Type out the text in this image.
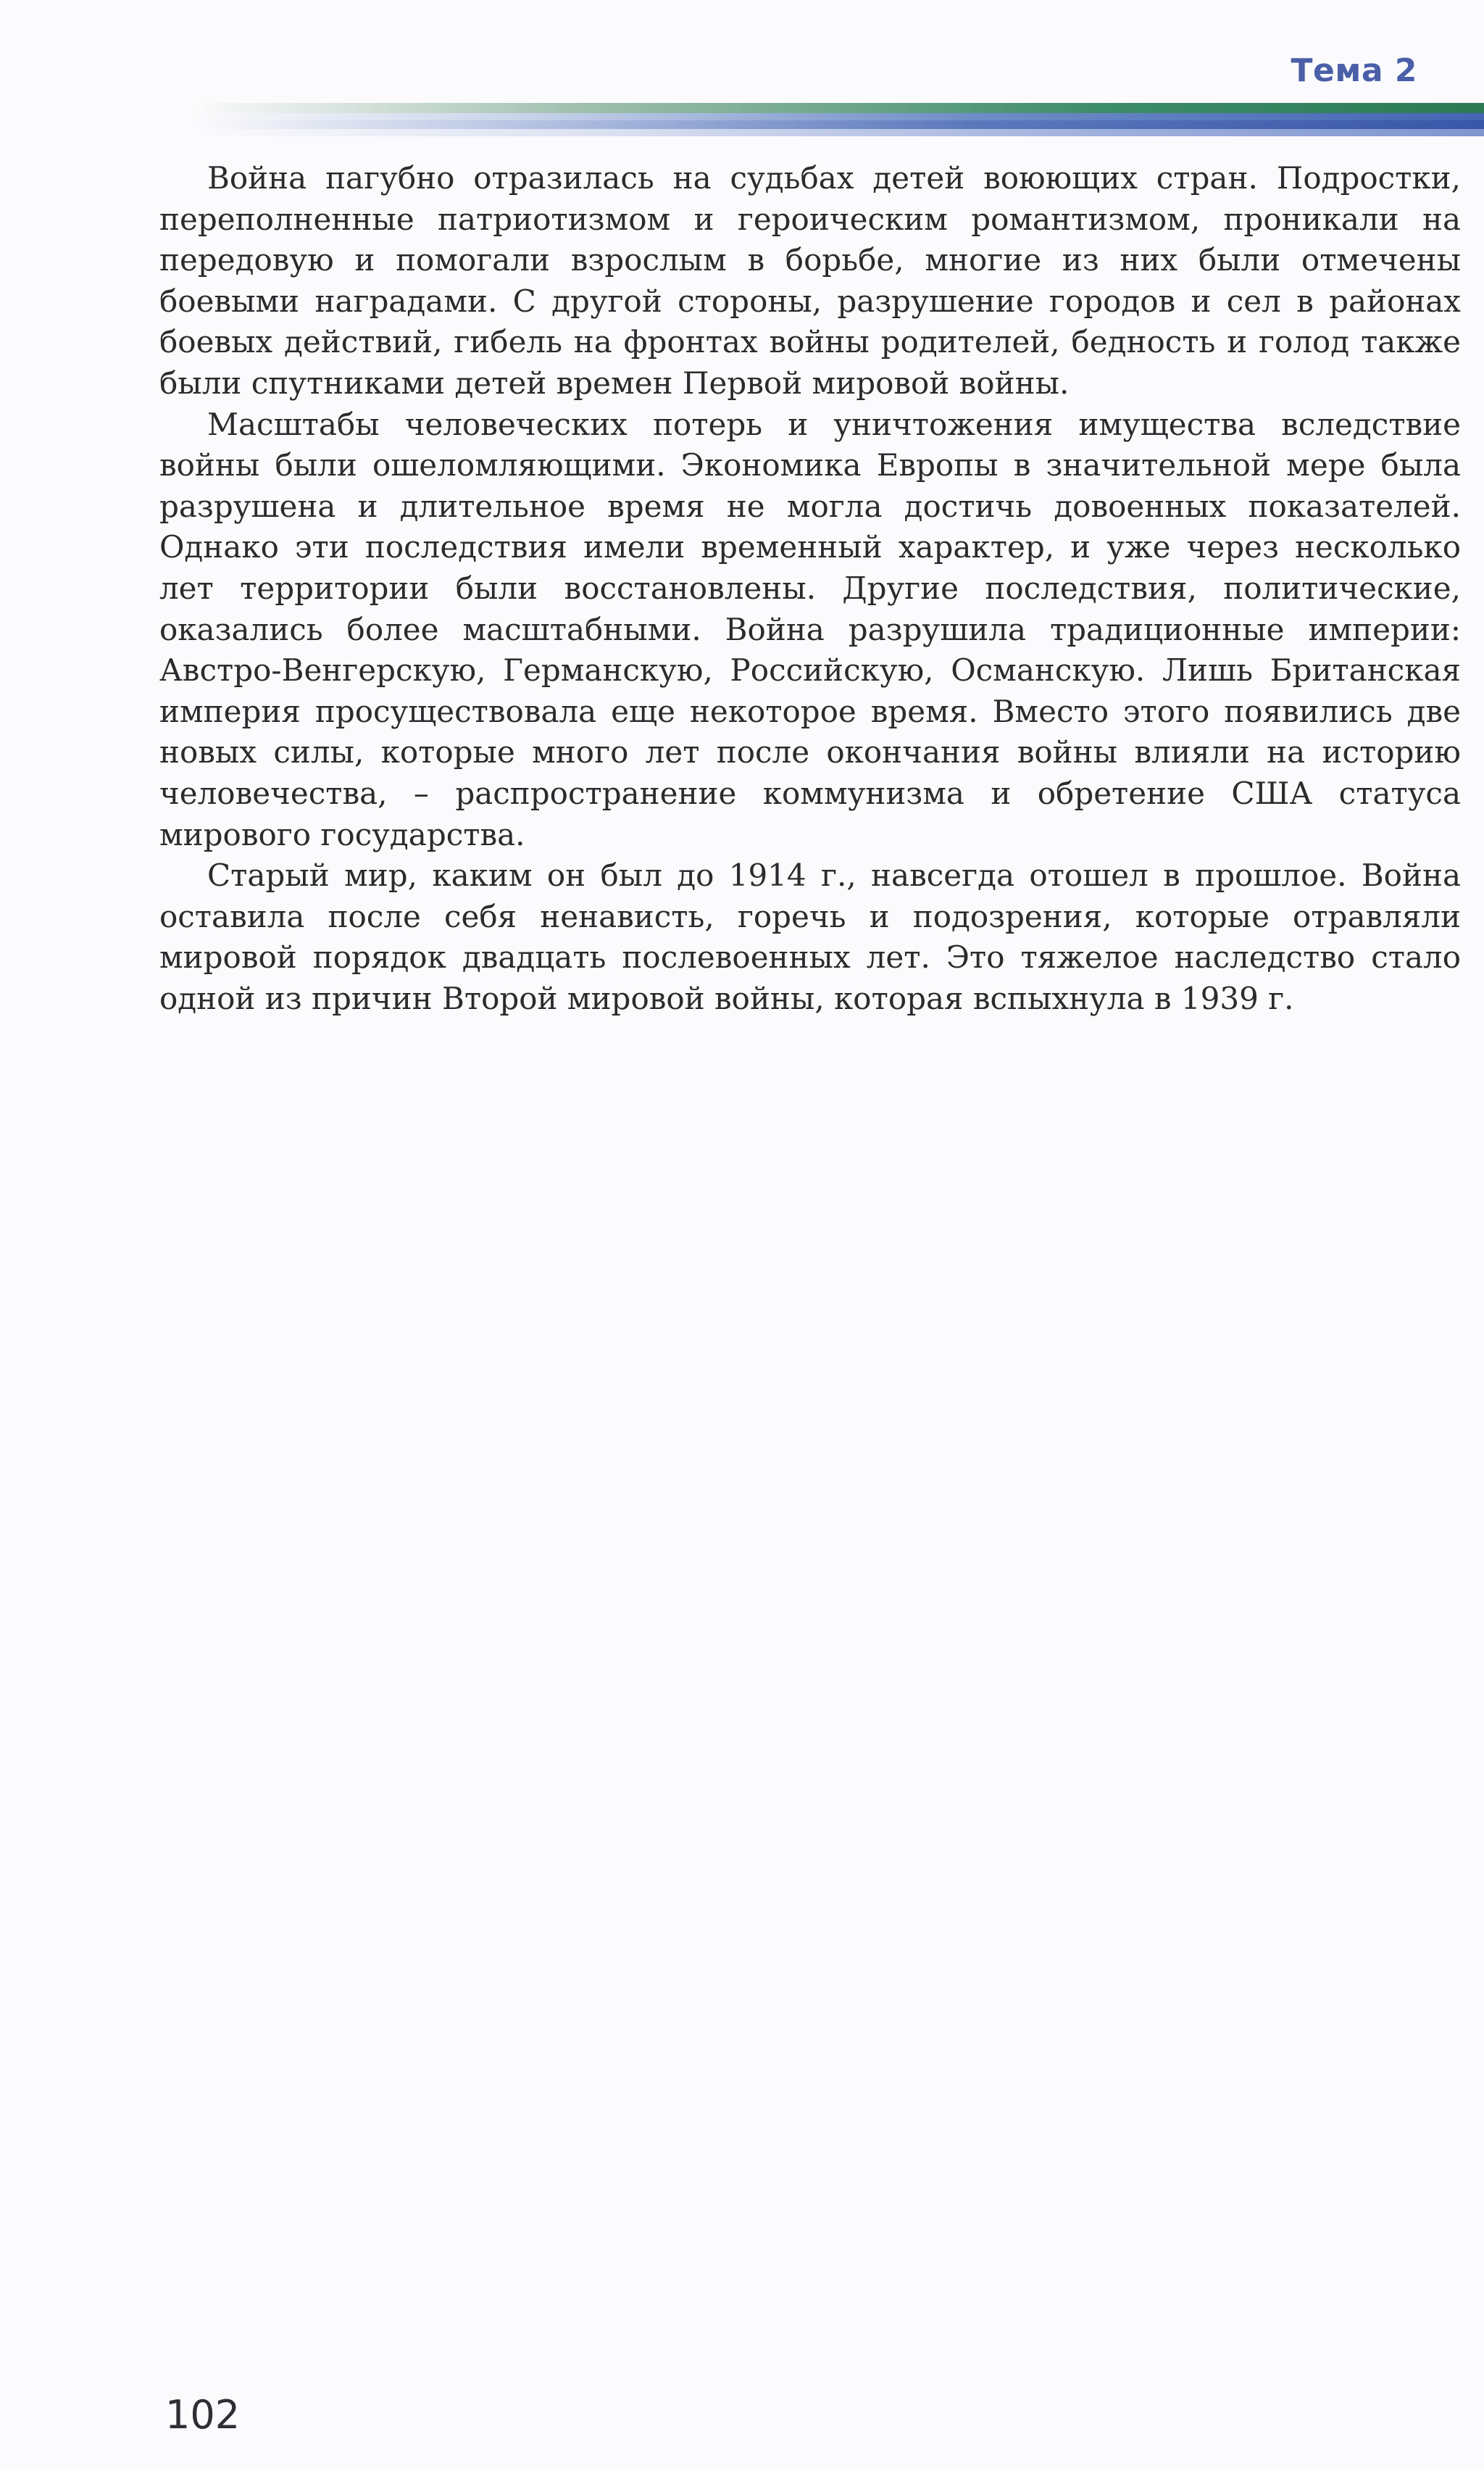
Тема 2

Война пагубно отразилась на судьбах детей воюющих стран. Подростки, переполненные патриотизмом и героическим романтизмом, проникали на передовую и помогали взрослым в борьбе, многие из них были отмечены боевыми наградами. С другой стороны, разрушение городов и сел в районах боевых действий, гибель на фронтах войны родителей, бедность и голод также были спутниками детей времен Первой мировой войны.

Масштабы человеческих потерь и уничтожения имущества вследствие войны были ошеломляющими. Экономика Европы в значительной мере была разрушена и длительное время не могла достичь довоенных показателей. Однако эти последствия имели временный характер, и уже через несколько лет территории были восстановлены. Другие последствия, политические, оказались более масштабными. Война разрушила традиционные империи: Австро-Венгерскую, Германскую, Российскую, Османскую. Лишь Британская империя просуществовала еще некоторое время. Вместо этого появились две новых силы, которые много лет после окончания войны влияли на историю человечества, – распространение коммунизма и обретение США статуса мирового государства.

Старый мир, каким он был до 1914 г., навсегда отошел в прошлое. Война оставила после себя ненависть, горечь и подозрения, которые отравляли мировой порядок двадцать послевоенных лет. Это тяжелое наследство стало одной из причин Второй мировой войны, которая вспыхнула в 1939 г.

102
